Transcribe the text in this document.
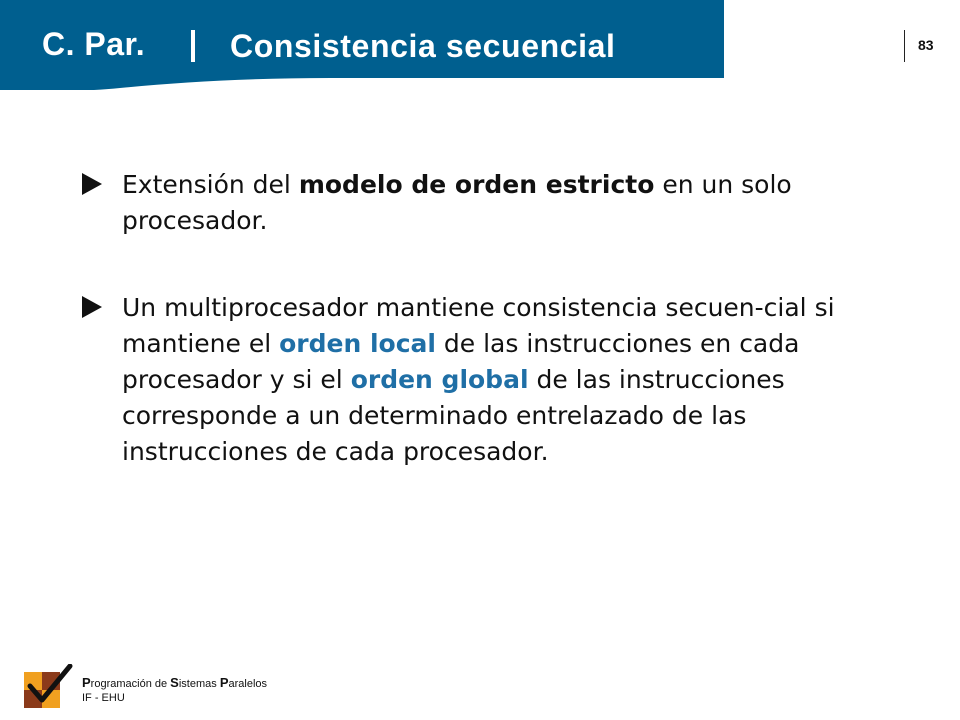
C. Par.	Consistencia secuencial	83
Extensión del modelo de orden estricto en un solo procesador.
Un multiprocesador mantiene consistencia secuen-cial si mantiene el orden local de las instrucciones en cada procesador y si el orden global de las instrucciones corresponde a un determinado entrelazado de las instrucciones de cada procesador.
Programación de Sistemas Paralelos
IF - EHU
